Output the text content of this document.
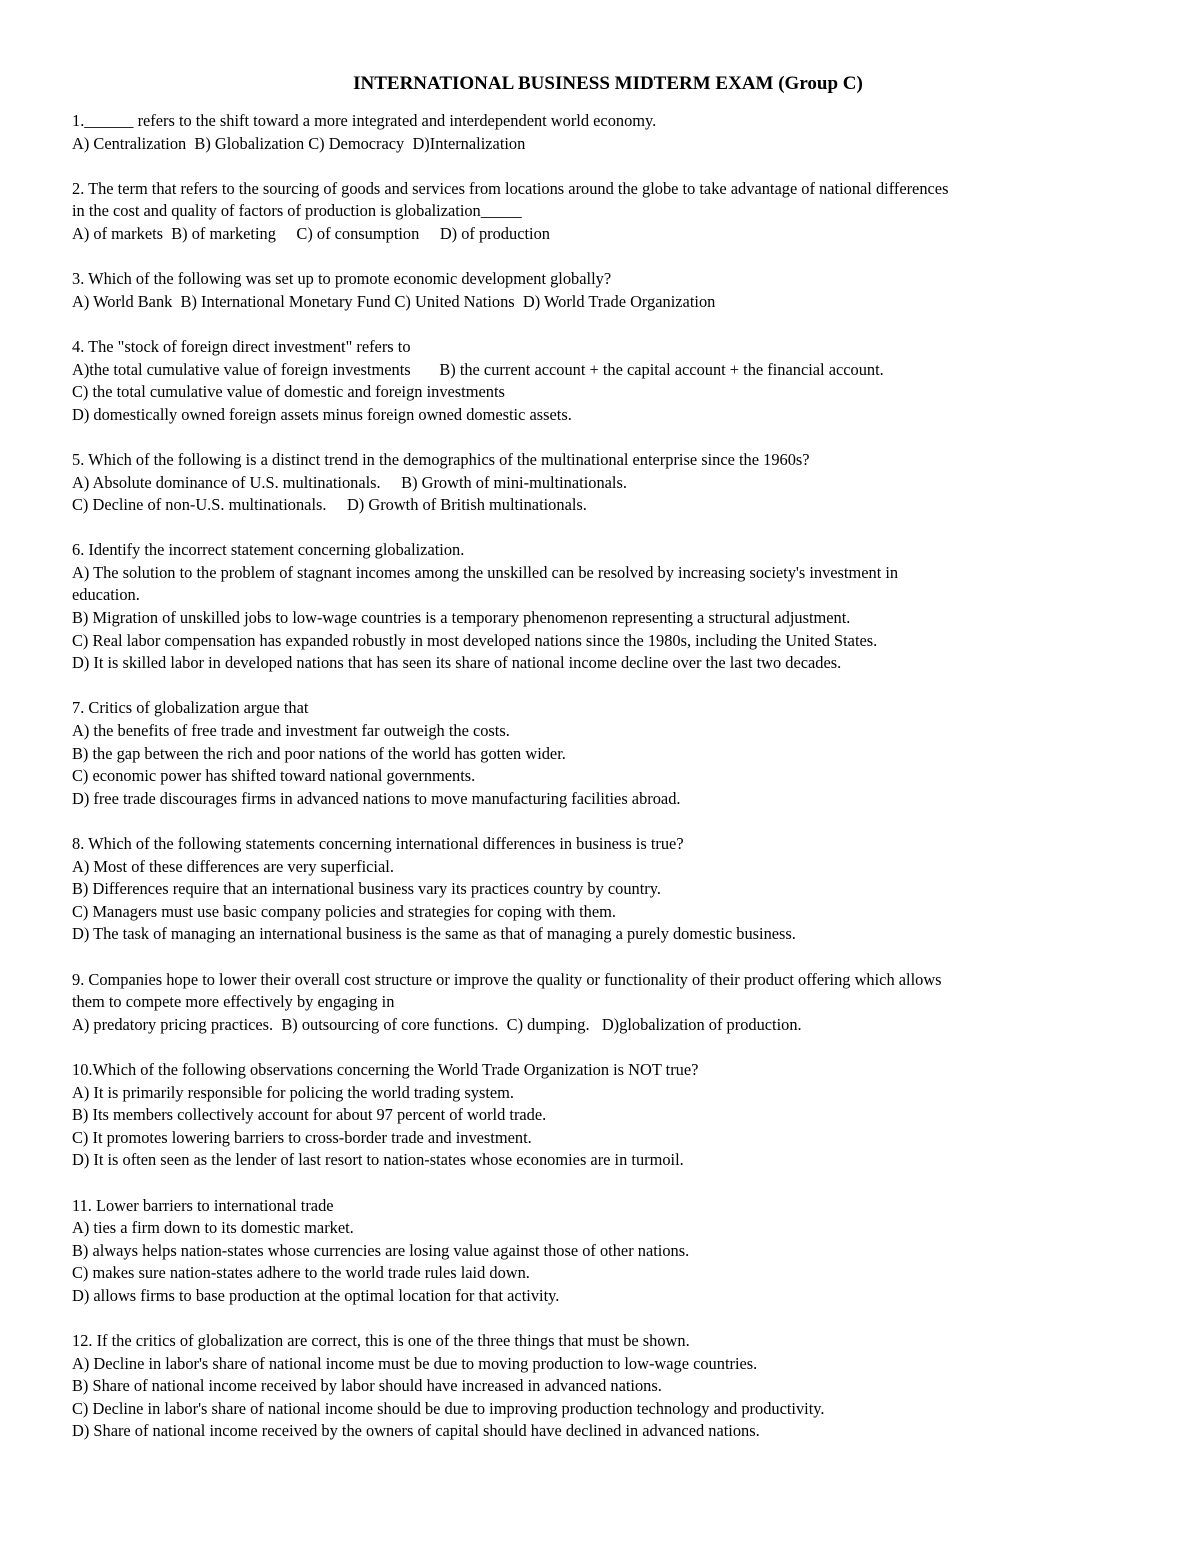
INTERNATIONAL BUSINESS MIDTERM EXAM (Group C)
1.______ refers to the shift toward a more integrated and interdependent world economy.
A) Centralization  B) Globalization C) Democracy  D)Internalization
2. The term that refers to the sourcing of goods and services from locations around the globe to take advantage of national differences
in the cost and quality of factors of production is globalization_____
A) of markets  B) of marketing     C) of consumption     D) of production
3. Which of the following was set up to promote economic development globally?
A) World Bank  B) International Monetary Fund C) United Nations  D) World Trade Organization
4. The "stock of foreign direct investment" refers to
A)the total cumulative value of foreign investments       B) the current account + the capital account + the financial account.
C) the total cumulative value of domestic and foreign investments
D) domestically owned foreign assets minus foreign owned domestic assets.
5. Which of the following is a distinct trend in the demographics of the multinational enterprise since the 1960s?
A) Absolute dominance of U.S. multinationals.     B) Growth of mini-multinationals.
C) Decline of non-U.S. multinationals.     D) Growth of British multinationals.
6. Identify the incorrect statement concerning globalization.
A) The solution to the problem of stagnant incomes among the unskilled can be resolved by increasing society's investment in
education.
B) Migration of unskilled jobs to low-wage countries is a temporary phenomenon representing a structural adjustment.
C) Real labor compensation has expanded robustly in most developed nations since the 1980s, including the United States.
D) It is skilled labor in developed nations that has seen its share of national income decline over the last two decades.
7. Critics of globalization argue that
A) the benefits of free trade and investment far outweigh the costs.
B) the gap between the rich and poor nations of the world has gotten wider.
C) economic power has shifted toward national governments.
D) free trade discourages firms in advanced nations to move manufacturing facilities abroad.
8. Which of the following statements concerning international differences in business is true?
A) Most of these differences are very superficial.
B) Differences require that an international business vary its practices country by country.
C) Managers must use basic company policies and strategies for coping with them.
D) The task of managing an international business is the same as that of managing a purely domestic business.
9. Companies hope to lower their overall cost structure or improve the quality or functionality of their product offering which allows
them to compete more effectively by engaging in
A) predatory pricing practices.  B) outsourcing of core functions.  C) dumping.   D)globalization of production.
10.Which of the following observations concerning the World Trade Organization is NOT true?
A) It is primarily responsible for policing the world trading system.
B) Its members collectively account for about 97 percent of world trade.
C) It promotes lowering barriers to cross-border trade and investment.
D) It is often seen as the lender of last resort to nation-states whose economies are in turmoil.
11. Lower barriers to international trade
A) ties a firm down to its domestic market.
B) always helps nation-states whose currencies are losing value against those of other nations.
C) makes sure nation-states adhere to the world trade rules laid down.
D) allows firms to base production at the optimal location for that activity.
12. If the critics of globalization are correct, this is one of the three things that must be shown.
A) Decline in labor's share of national income must be due to moving production to low-wage countries.
B) Share of national income received by labor should have increased in advanced nations.
C) Decline in labor's share of national income should be due to improving production technology and productivity.
D) Share of national income received by the owners of capital should have declined in advanced nations.
